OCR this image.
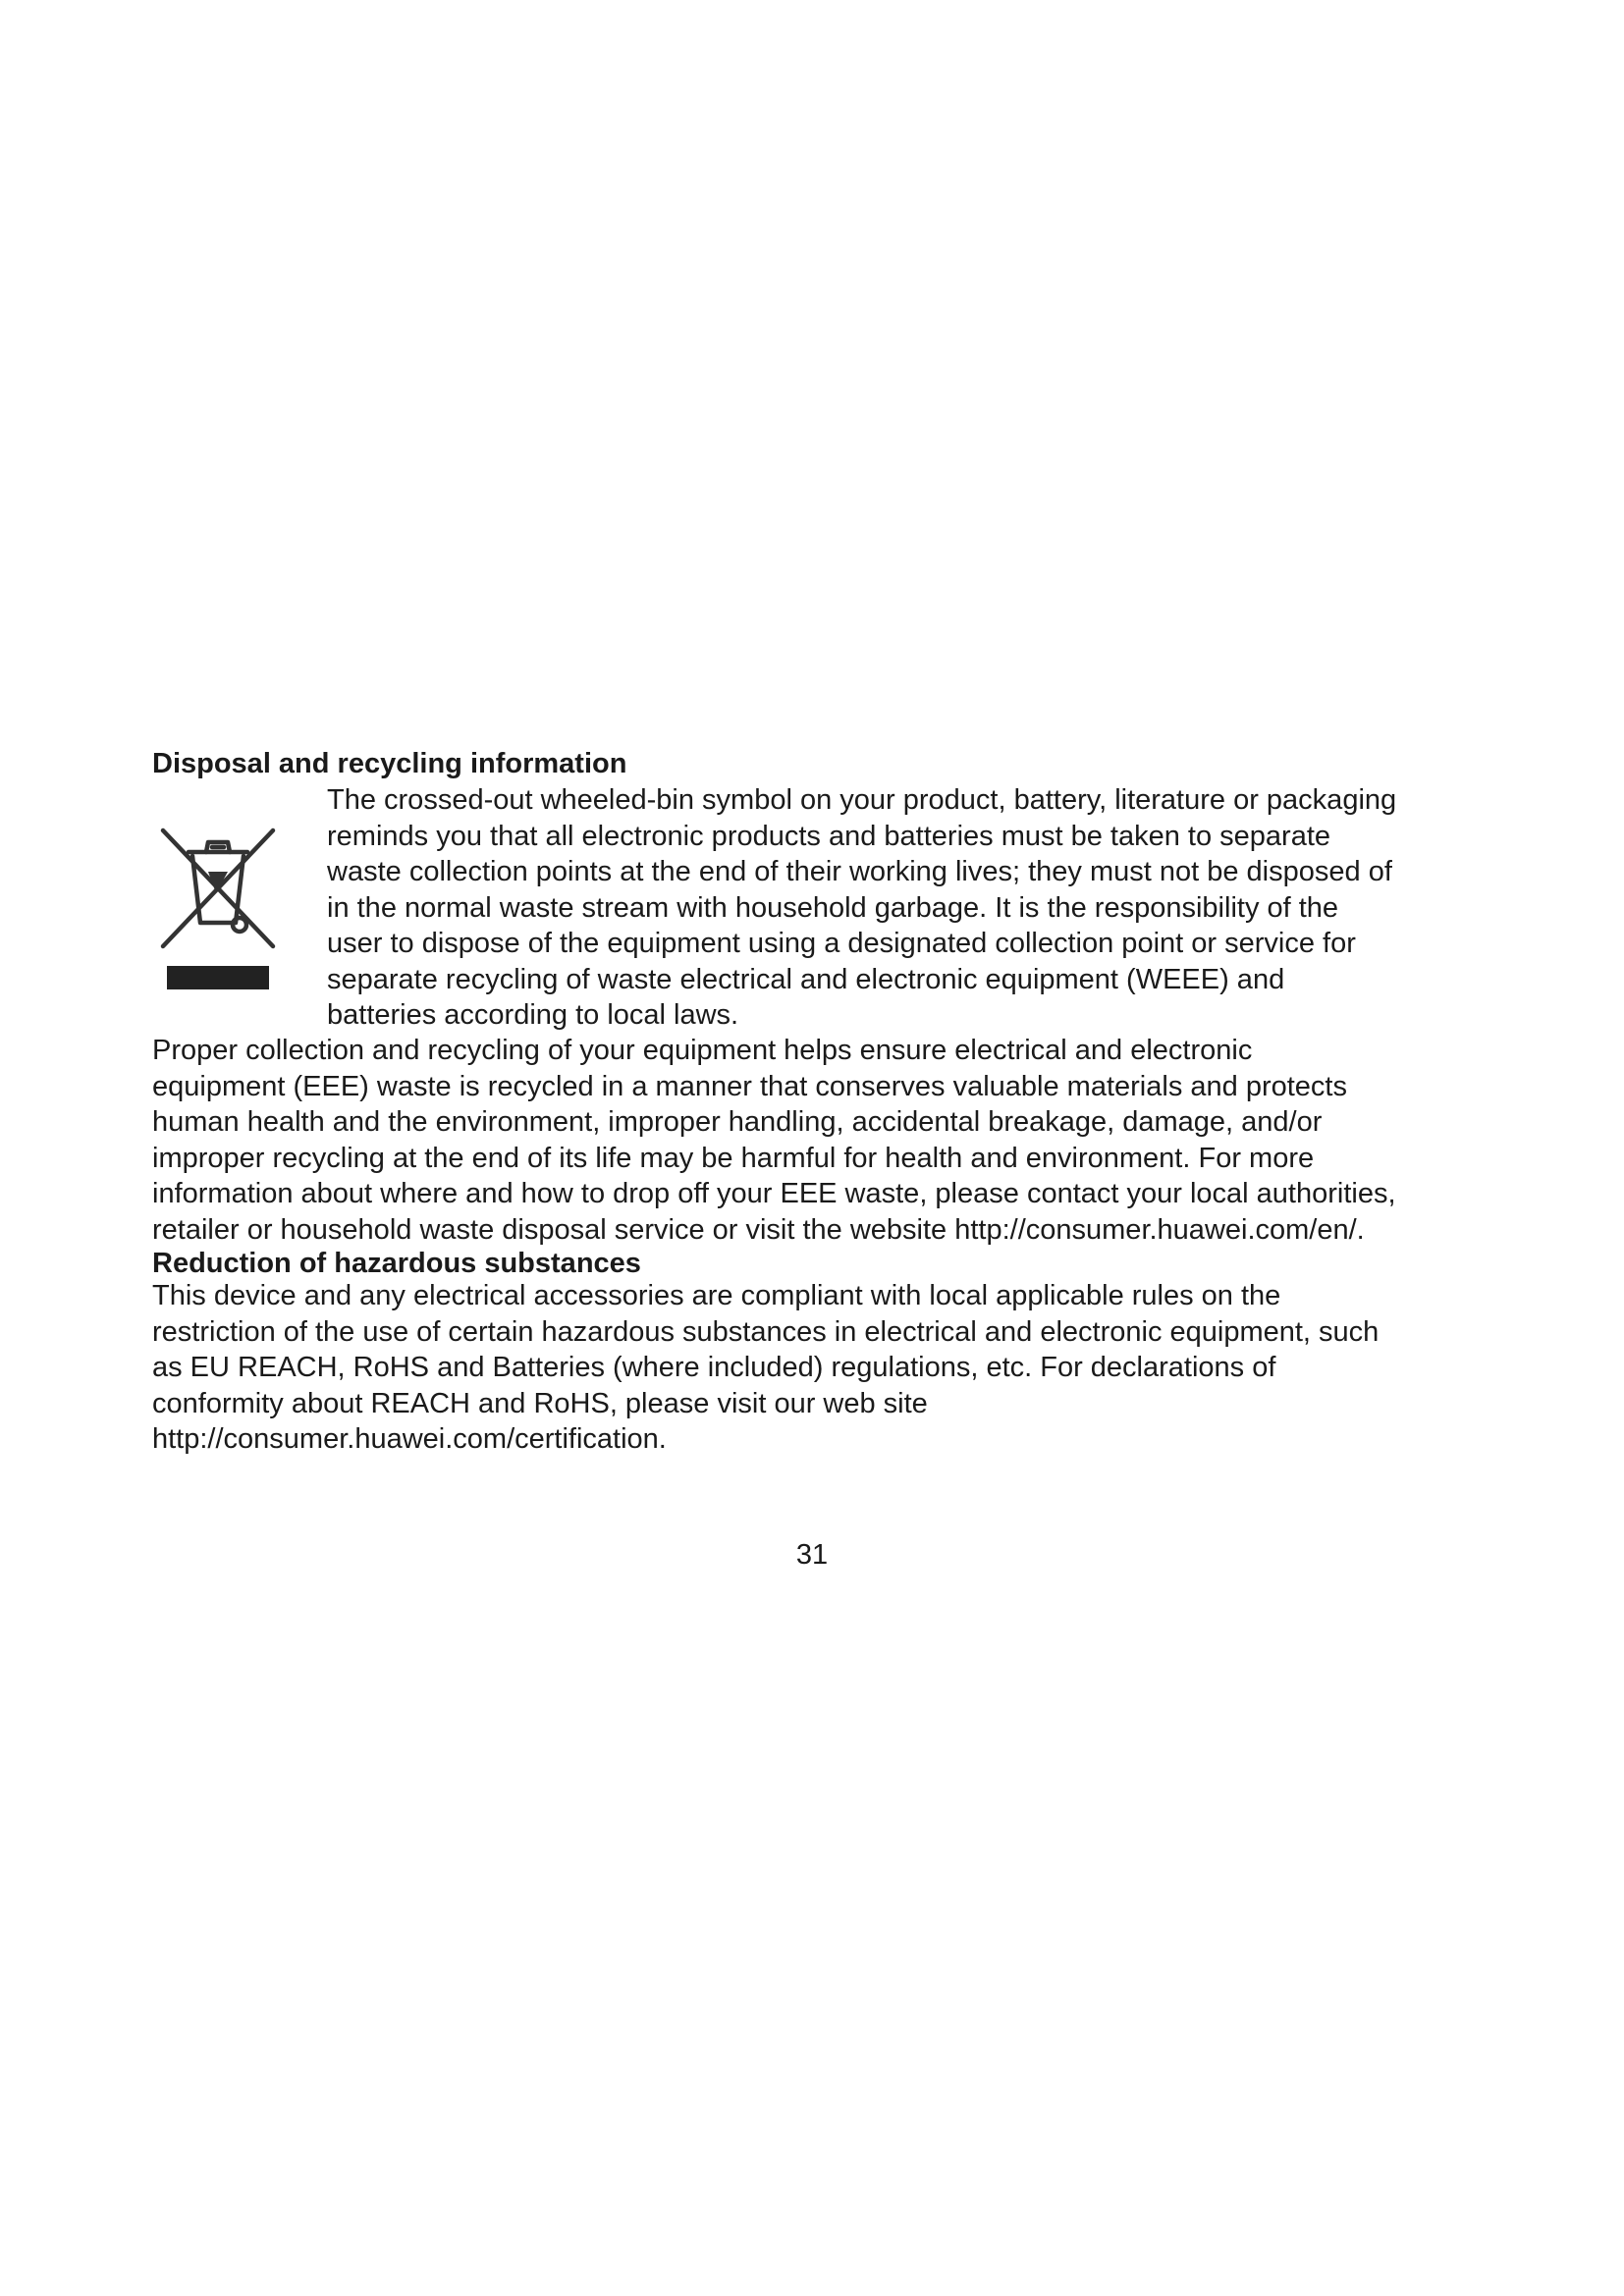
Disposal and recycling information
The crossed-out wheeled-bin symbol on your product, battery, literature or packaging
reminds you that all electronic products and batteries must be taken to separate
waste collection points at the end of their working lives; they must not be disposed of
in the normal waste stream with household garbage. It is the responsibility of the
user to dispose of the equipment using a designated collection point or service for
separate recycling of waste electrical and electronic equipment (WEEE) and
batteries according to local laws.
Proper collection and recycling of your equipment helps ensure electrical and electronic
equipment (EEE) waste is recycled in a manner that conserves valuable materials and protects
human health and the environment, improper handling, accidental breakage, damage, and/or
improper recycling at the end of its life may be harmful for health and environment. For more
information about where and how to drop off your EEE waste, please contact your local authorities,
retailer or household waste disposal service or visit the website http://consumer.huawei.com/en/.
Reduction of hazardous substances
This device and any electrical accessories are compliant with local applicable rules on the
restriction of the use of certain hazardous substances in electrical and electronic equipment, such
as EU REACH, RoHS and Batteries (where included) regulations, etc. For declarations of
conformity about REACH and RoHS, please visit our web site
http://consumer.huawei.com/certification.
31
